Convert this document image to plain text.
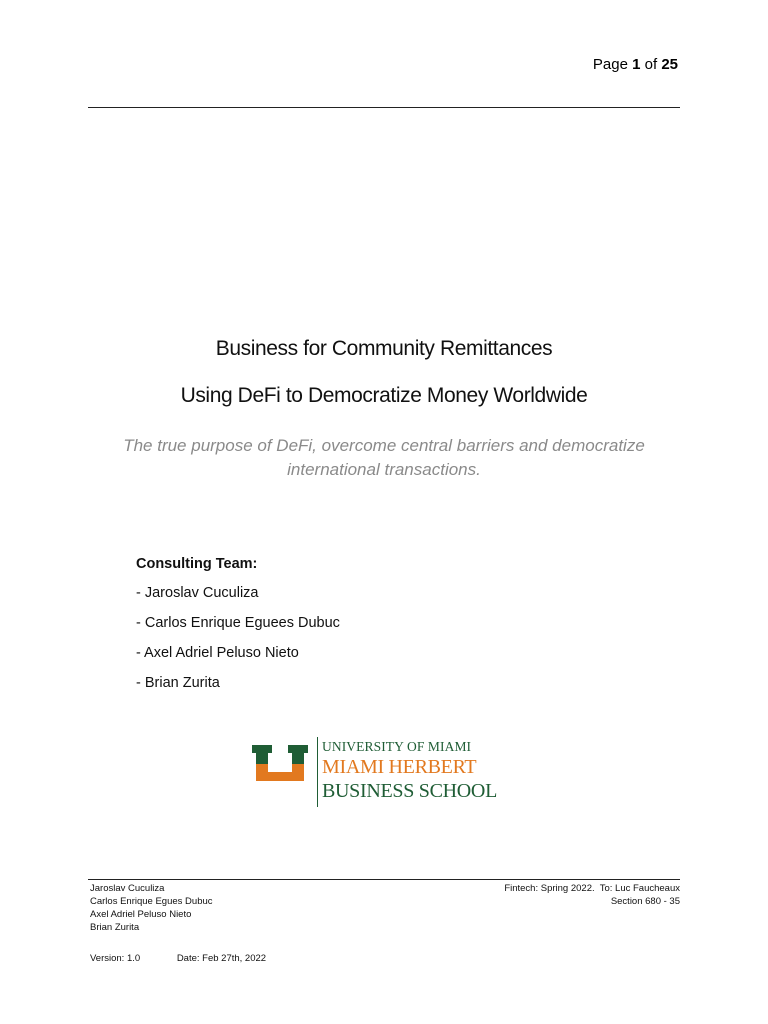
Page 1 of 25
Business for Community Remittances
Using DeFi to Democratize Money Worldwide
The true purpose of DeFi, overcome central barriers and democratize
international transactions.
Consulting Team:
- Jaroslav Cuculiza
- Carlos Enrique Eguees Dubuc
- Axel Adriel Peluso Nieto
- Brian Zurita
UNIVERSITY OF MIAMI
MIAMI HERBERT
BUSINESS SCHOOL
Jaroslav Cuculiza
Carlos Enrique Egues Dubuc
Axel Adriel Peluso Nieto
Brian Zurita
Fintech: Spring 2022.  To: Luc Faucheaux
Section 680 - 35
Version: 1.0	Date: Feb 27th, 2022
